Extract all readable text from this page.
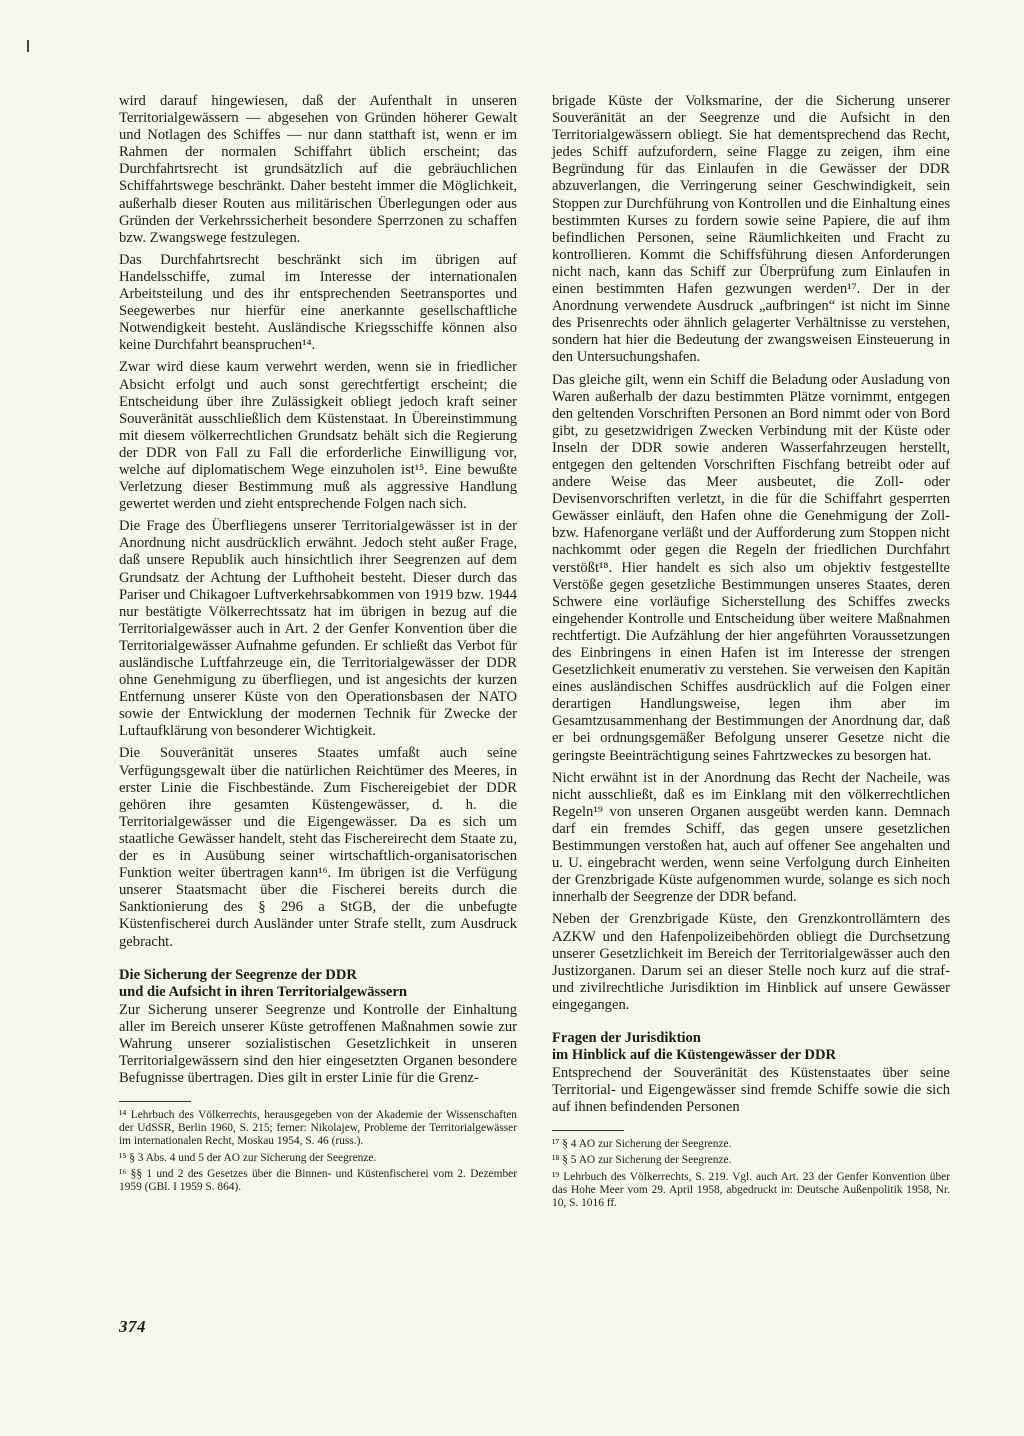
wird darauf hingewiesen, daß der Aufenthalt in unseren Territorialgewässern — abgesehen von Gründen höherer Gewalt und Notlagen des Schiffes — nur dann statthaft ist, wenn er im Rahmen der normalen Schiffahrt üblich erscheint; das Durchfahrtsrecht ist grundsätzlich auf die gebräuchlichen Schiffahrtswege beschränkt. Daher besteht immer die Möglichkeit, außerhalb dieser Routen aus militärischen Überlegungen oder aus Gründen der Verkehrssicherheit besondere Sperrzonen zu schaffen bzw. Zwangswege festzulegen.

Das Durchfahrtsrecht beschränkt sich im übrigen auf Handelsschiffe, zumal im Interesse der internationalen Arbeitsteilung und des ihr entsprechenden Seetransportes und Seegewerbes nur hierfür eine anerkannte gesellschaftliche Notwendigkeit besteht. Ausländische Kriegsschiffe können also keine Durchfahrt beanspruchen¹⁴.

Zwar wird diese kaum verwehrt werden, wenn sie in friedlicher Absicht erfolgt und auch sonst gerechtfertigt erscheint; die Entscheidung über ihre Zulässigkeit obliegt jedoch kraft seiner Souveränität ausschließlich dem Küstenstaat. In Übereinstimmung mit diesem völkerrechtlichen Grundsatz behält sich die Regierung der DDR von Fall zu Fall die erforderliche Einwilligung vor, welche auf diplomatischem Wege einzuholen ist¹⁵. Eine bewußte Verletzung dieser Bestimmung muß als aggressive Handlung gewertet werden und zieht entsprechende Folgen nach sich.

Die Frage des Überfliegens unserer Territorialgewässer ist in der Anordnung nicht ausdrücklich erwähnt. Jedoch steht außer Frage, daß unsere Republik auch hinsichtlich ihrer Seegrenzen auf dem Grundsatz der Achtung der Lufthoheit besteht. Dieser durch das Pariser und Chikagoer Luftverkehrsabkommen von 1919 bzw. 1944 nur bestätigte Völkerrechtssatz hat im übrigen in bezug auf die Territorialgewässer auch in Art. 2 der Genfer Konvention über die Territorialgewässer Aufnahme gefunden. Er schließt das Verbot für ausländische Luftfahrzeuge ein, die Territorialgewässer der DDR ohne Genehmigung zu überfliegen, und ist angesichts der kurzen Entfernung unserer Küste von den Operationsbasen der NATO sowie der Entwicklung der modernen Technik für Zwecke der Luftaufklärung von besonderer Wichtigkeit.

Die Souveränität unseres Staates umfaßt auch seine Verfügungsgewalt über die natürlichen Reichtümer des Meeres, in erster Linie die Fischbestände. Zum Fischereigebiet der DDR gehören ihre gesamten Küstengewässer, d. h. die Territorialgewässer und die Eigengewässer. Da es sich um staatliche Gewässer handelt, steht das Fischereirecht dem Staate zu, der es in Ausübung seiner wirtschaftlich-organisatorischen Funktion weiter übertragen kann¹⁶. Im übrigen ist die Verfügung unserer Staatsmacht über die Fischerei bereits durch die Sanktionierung des § 296 a StGB, der die unbefugte Küstenfischerei durch Ausländer unter Strafe stellt, zum Ausdruck gebracht.

Die Sicherung der Seegrenze der DDR
und die Aufsicht in ihren Territorialgewässern

Zur Sicherung unserer Seegrenze und Kontrolle der Einhaltung aller im Bereich unserer Küste getroffenen Maßnahmen sowie zur Wahrung unserer sozialistischen Gesetzlichkeit in unseren Territorialgewässern sind den hier eingesetzten Organen besondere Befugnisse übertragen. Dies gilt in erster Linie für die Grenz-

¹⁴ Lehrbuch des Völkerrechts, herausgegeben von der Akademie der Wissenschaften der UdSSR, Berlin 1960, S. 215; ferner: Nikolajew, Probleme der Territorialgewässer im internationalen Recht, Moskau 1954, S. 46 (russ.).
¹⁵ § 3 Abs. 4 und 5 der AO zur Sicherung der Seegrenze.
¹⁶ §§ 1 und 2 des Gesetzes über die Binnen- und Küstenfischerei vom 2. Dezember 1959 (GBl. I 1959 S. 864).

brigade Küste der Volksmarine, der die Sicherung unserer Souveränität an der Seegrenze und die Aufsicht in den Territorialgewässern obliegt. Sie hat dementsprechend das Recht, jedes Schiff aufzufordern, seine Flagge zu zeigen, ihm eine Begründung für das Einlaufen in die Gewässer der DDR abzuverlangen, die Verringerung seiner Geschwindigkeit, sein Stoppen zur Durchführung von Kontrollen und die Einhaltung eines bestimmten Kurses zu fordern sowie seine Papiere, die auf ihm befindlichen Personen, seine Räumlichkeiten und Fracht zu kontrollieren. Kommt die Schiffsführung diesen Anforderungen nicht nach, kann das Schiff zur Überprüfung zum Einlaufen in einen bestimmten Hafen gezwungen werden¹⁷. Der in der Anordnung verwendete Ausdruck „aufbringen“ ist nicht im Sinne des Prisenrechts oder ähnlich gelagerter Verhältnisse zu verstehen, sondern hat hier die Bedeutung der zwangsweisen Einsteuerung in den Untersuchungshafen.

Das gleiche gilt, wenn ein Schiff die Beladung oder Ausladung von Waren außerhalb der dazu bestimmten Plätze vornimmt, entgegen den geltenden Vorschriften Personen an Bord nimmt oder von Bord gibt, zu gesetzwidrigen Zwecken Verbindung mit der Küste oder Inseln der DDR sowie anderen Wasserfahrzeugen herstellt, entgegen den geltenden Vorschriften Fischfang betreibt oder auf andere Weise das Meer ausbeutet, die Zoll- oder Devisenvorschriften verletzt, in die für die Schiffahrt gesperrten Gewässer einläuft, den Hafen ohne die Genehmigung der Zoll- bzw. Hafenorgane verläßt und der Aufforderung zum Stoppen nicht nachkommt oder gegen die Regeln der friedlichen Durchfahrt verstößt¹⁸. Hier handelt es sich also um objektiv festgestellte Verstöße gegen gesetzliche Bestimmungen unseres Staates, deren Schwere eine vorläufige Sicherstellung des Schiffes zwecks eingehender Kontrolle und Entscheidung über weitere Maßnahmen rechtfertigt. Die Aufzählung der hier angeführten Voraussetzungen des Einbringens in einen Hafen ist im Interesse der strengen Gesetzlichkeit enumerativ zu verstehen. Sie verweisen den Kapitän eines ausländischen Schiffes ausdrücklich auf die Folgen einer derartigen Handlungsweise, legen ihm aber im Gesamtzusammenhang der Bestimmungen der Anordnung dar, daß er bei ordnungsgemäßer Befolgung unserer Gesetze nicht die geringste Beeinträchtigung seines Fahrtzweckes zu besorgen hat.

Nicht erwähnt ist in der Anordnung das Recht der Nacheile, was nicht ausschließt, daß es im Einklang mit den völkerrechtlichen Regeln¹⁹ von unseren Organen ausgeübt werden kann. Demnach darf ein fremdes Schiff, das gegen unsere gesetzlichen Bestimmungen verstoßen hat, auch auf offener See angehalten und u. U. eingebracht werden, wenn seine Verfolgung durch Einheiten der Grenzbrigade Küste aufgenommen wurde, solange es sich noch innerhalb der Seegrenze der DDR befand.

Neben der Grenzbrigade Küste, den Grenzkontrollämtern des AZKW und den Hafenpolizeibehörden obliegt die Durchsetzung unserer Gesetzlichkeit im Bereich der Territorialgewässer auch den Justizorganen. Darum sei an dieser Stelle noch kurz auf die straf- und zivilrechtliche Jurisdiktion im Hinblick auf unsere Gewässer eingegangen.

Fragen der Jurisdiktion
im Hinblick auf die Küstengewässer der DDR

Entsprechend der Souveränität des Küstenstaates über seine Territorial- und Eigengewässer sind fremde Schiffe sowie die sich auf ihnen befindenden Personen

¹⁷ § 4 AO zur Sicherung der Seegrenze.
¹⁸ § 5 AO zur Sicherung der Seegrenze.
¹⁹ Lehrbuch des Völkerrechts, S. 219. Vgl. auch Art. 23 der Genfer Konvention über das Hohe Meer vom 29. April 1958, abgedruckt in: Deutsche Außenpolitik 1958, Nr. 10, S. 1016 ff.
374
